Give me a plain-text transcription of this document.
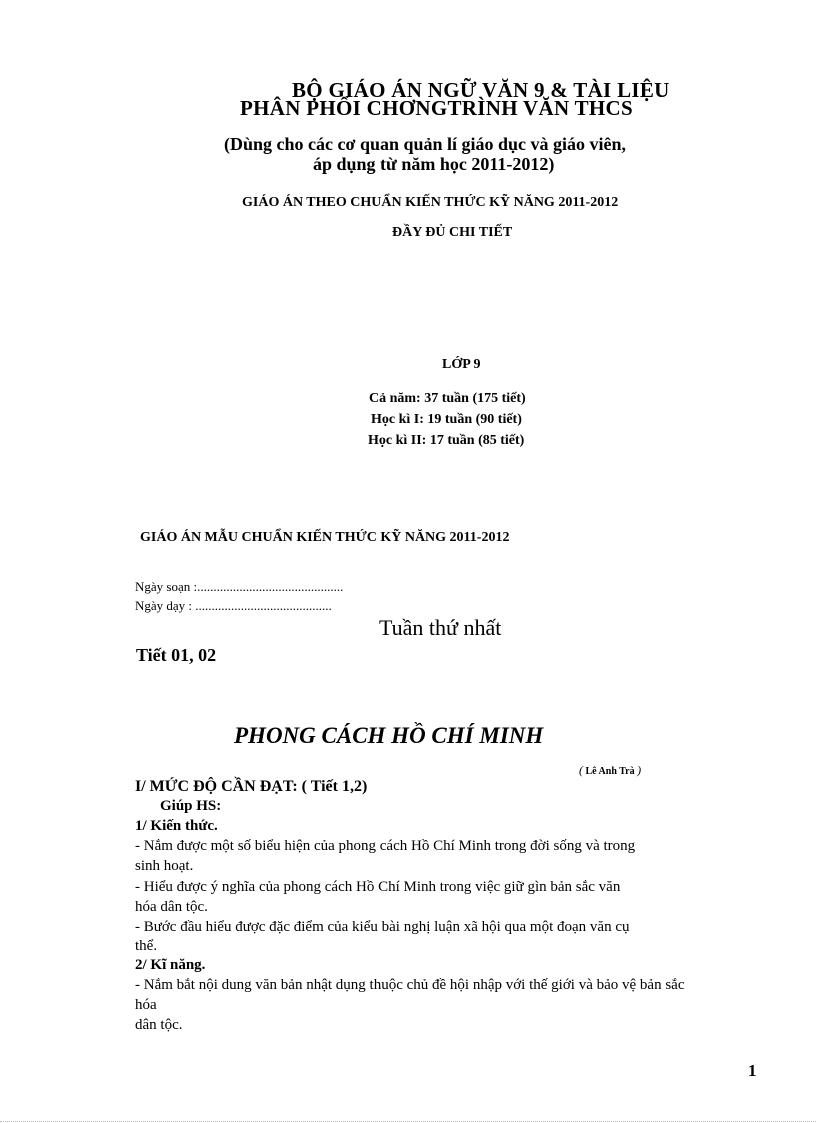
BỘ GIÁO ÁN NGỮ VĂN 9 & TÀI LIỆU
PHÂN PHỐI CHƠNGTRÌNH VĂN THCS
(Dùng cho các cơ quan quản lí giáo dục và giáo viên,
áp dụng từ năm học 2011-2012)
GIÁO ÁN THEO CHUẨN KIẾN THỨC KỸ NĂNG 2011-2012
ĐẦY ĐỦ CHI TIẾT
LỚP 9
Cả năm: 37 tuần (175 tiết)
Học kì I: 19 tuần (90 tiết)
Học kì II: 17 tuần (85 tiết)
GIÁO ÁN MẪU CHUẨN KIẾN THỨC KỸ NĂNG 2011-2012
Ngày soạn :.............................................
Ngày dạy : ..........................................
Tuần thứ nhất
Tiết 01, 02
PHONG CÁCH HỒ CHÍ MINH
( Lê Anh Trà )
I/ MỨC ĐỘ CẦN ĐẠT: ( Tiết 1,2)
Giúp HS:
1/ Kiến thức.
- Nắm được một số biểu hiện của phong cách Hồ Chí Minh trong đời sống và trong
sinh hoạt.
- Hiểu được ý nghĩa của phong cách Hồ Chí Minh trong việc giữ gìn bản sắc văn
hóa dân tộc.
- Bước đầu hiểu được đặc điểm của kiểu bài nghị luận xã hội qua một đoạn văn cụ
thể.
2/ Kĩ năng.
- Nắm bắt nội dung văn bản nhật dụng thuộc chủ đề hội nhập với thế giới và bảo vệ bản sắc
hóa
dân tộc.
1
